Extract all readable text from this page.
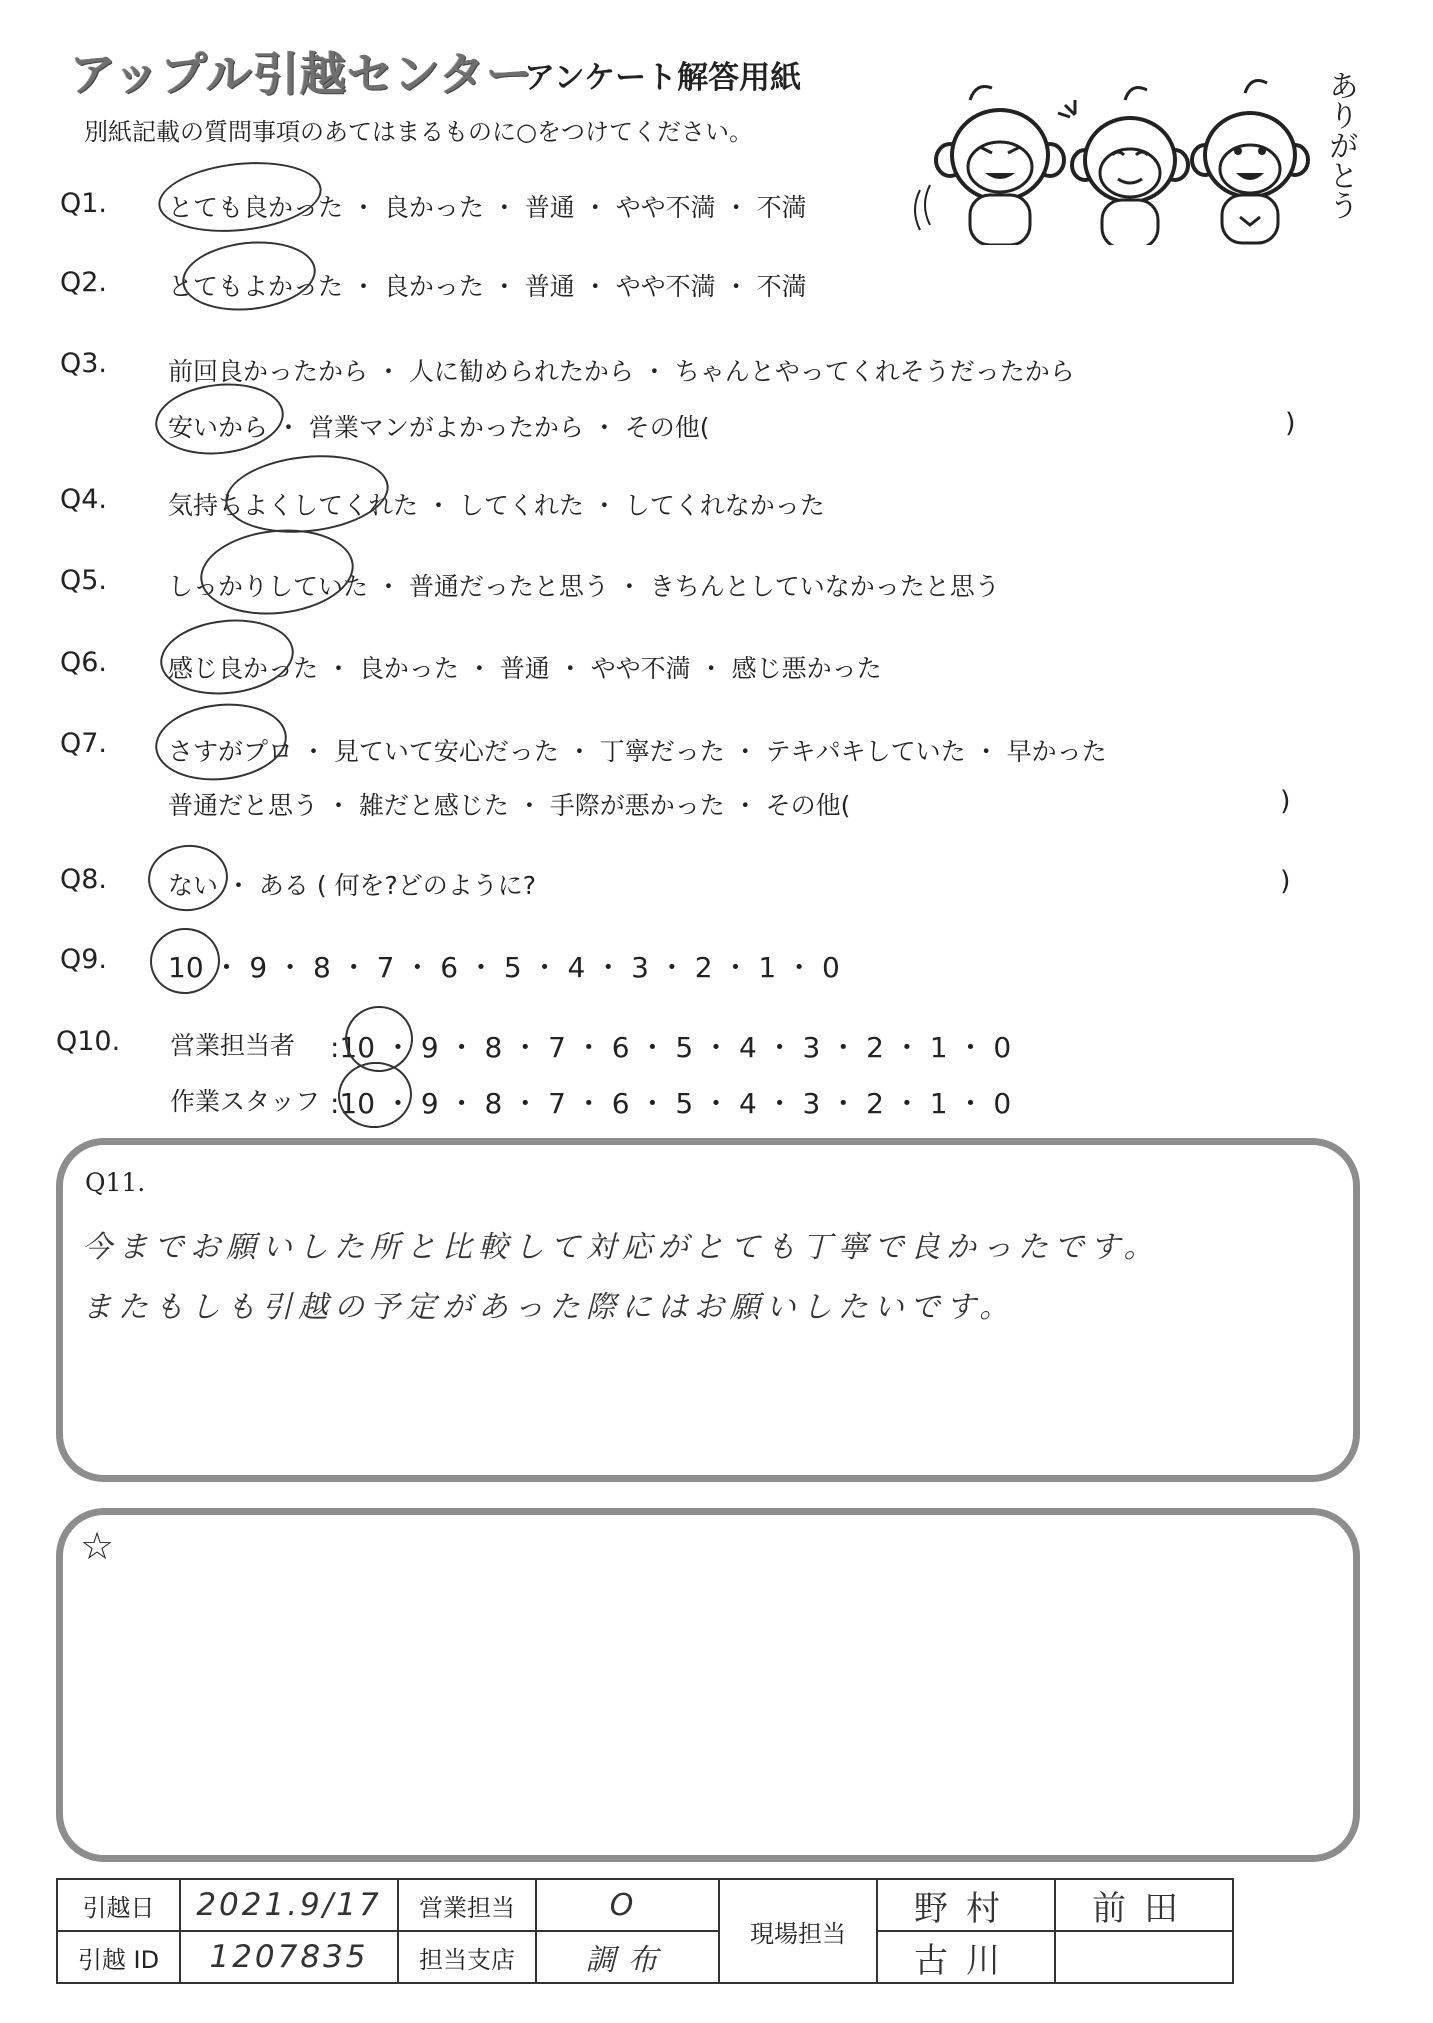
アップル引越センター
アンケート解答用紙
別紙記載の質問事項のあてはまるものに○をつけてください。	ありがとう
Q1. とても良かった ・ 良かった ・ 普通 ・ やや不満 ・ 不満
Q2. とてもよかった ・ 良かった ・ 普通 ・ やや不満 ・ 不満
Q3. 前回良かったから ・ 人に勧められたから ・ ちゃんとやってくれそうだったから
安いから ・ 営業マンがよかったから ・ その他(	)
Q4. 気持ちよくしてくれた ・ してくれた ・ してくれなかった
Q5. しっかりしていた ・ 普通だったと思う ・ きちんとしていなかったと思う
Q6. 感じ良かった ・ 良かった ・ 普通 ・ やや不満 ・ 感じ悪かった
Q7. さすがプロ ・ 見ていて安心だった ・ 丁寧だった ・ テキパキしていた ・ 早かった
普通だと思う ・ 雑だと感じた ・ 手際が悪かった ・ その他(	)
Q8. ない ・ ある ( 何を?どのように?	)
Q9. 10 ・ 9 ・ 8 ・ 7 ・ 6 ・ 5 ・ 4 ・ 3 ・ 2 ・ 1 ・ 0
Q10. 営業担当者 :10 ・ 9 ・ 8 ・ 7 ・ 6 ・ 5 ・ 4 ・ 3 ・ 2 ・ 1 ・ 0
作業スタッフ :10 ・ 9 ・ 8 ・ 7 ・ 6 ・ 5 ・ 4 ・ 3 ・ 2 ・ 1 ・ 0
Q11.
今までお願いした所と比較して対応がとても丁寧で良かったです。
またもしも引越の予定があった際にはお願いしたいです。
☆
引越日	2021.9/17	営業担当	O	現場担当	野村	前田
引越 ID	1207835	担当支店	調布		古川	
